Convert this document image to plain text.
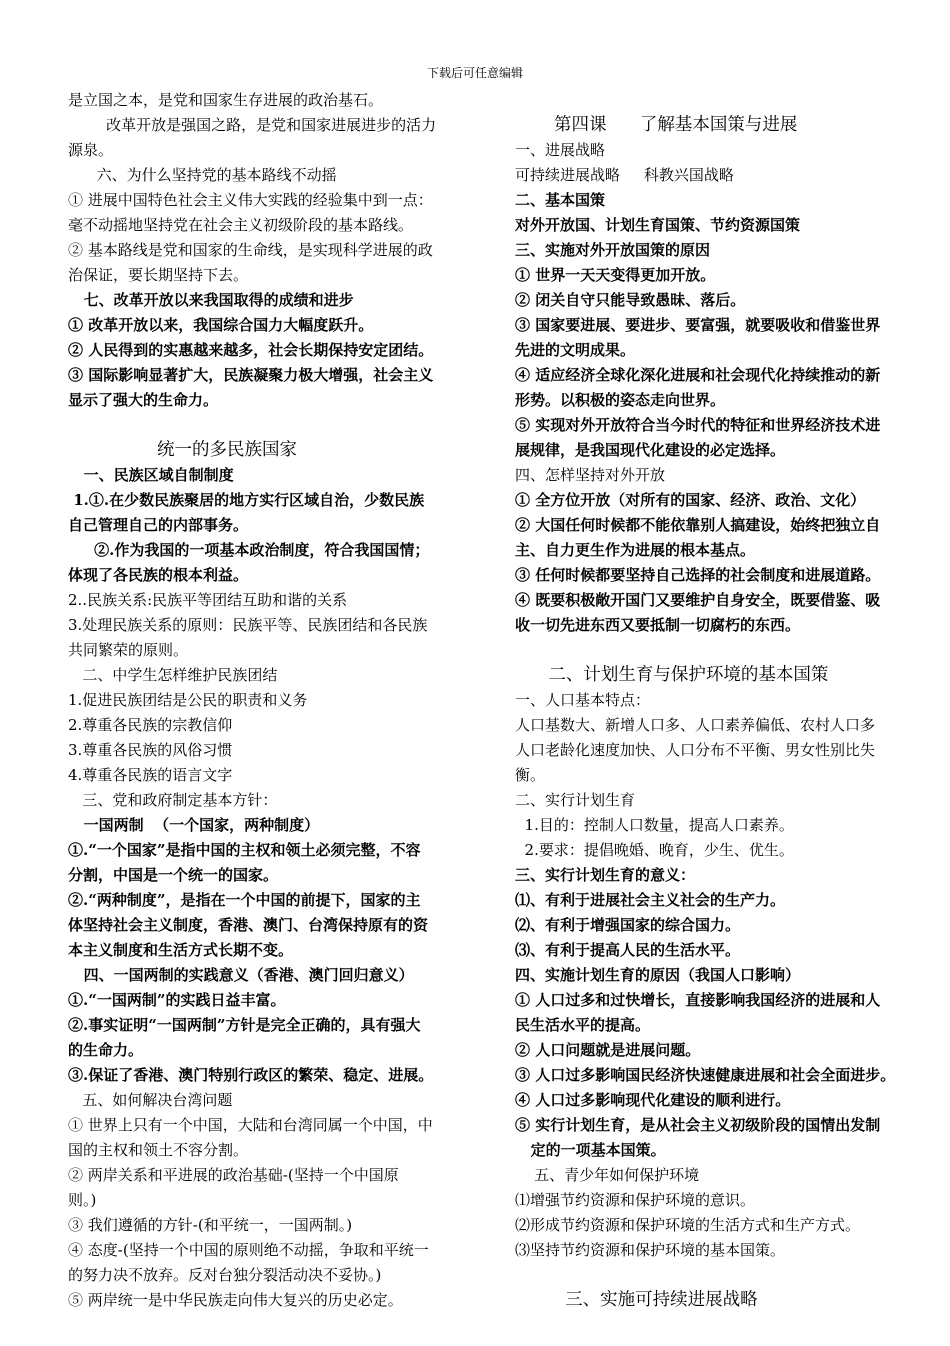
下载后可任意编辑
是立国之本，是党和国家生存进展的政治基石。
改革开放是强国之路，是党和国家进展进步的活力
源泉。
六、为什么坚持党的基本路线不动摇
① 进展中国特色社会主义伟大实践的经验集中到一点：
毫不动摇地坚持党在社会主义初级阶段的基本路线。
② 基本路线是党和国家的生命线，是实现科学进展的政
治保证，要长期坚持下去。
七、改革开放以来我国取得的成绩和进步
① 改革开放以来，我国综合国力大幅度跃升。
② 人民得到的实惠越来越多，社会长期保持安定团结。
③ 国际影响显著扩大，民族凝聚力极大增强，社会主义
显示了强大的生命力。
统一的多民族国家
一、民族区域自制制度
1.①.在少数民族聚居的地方实行区域自治，少数民族
自己管理自己的内部事务。
②.作为我国的一项基本政治制度，符合我国国情；
体现了各民族的根本利益。
2..民族关系:民族平等团结互助和谐的关系
3.处理民族关系的原则：民族平等、民族团结和各民族
共同繁荣的原则。
二、中学生怎样维护民族团结
1.促进民族团结是公民的职责和义务
2.尊重各民族的宗教信仰
3.尊重各民族的风俗习惯
4.尊重各民族的语言文字
三、党和政府制定基本方针：
一国两制  （一个国家，两种制度）
①.“一个国家”是指中国的主权和领土必须完整，不容
分割，中国是一个统一的国家。
②.“两种制度”，是指在一个中国的前提下，国家的主
体坚持社会主义制度，香港、澳门、台湾保持原有的资
本主义制度和生活方式长期不变。
四、一国两制的实践意义（香港、澳门回归意义）
①.“一国两制”的实践日益丰富。
②.事实证明“一国两制”方针是完全正确的，具有强大
的生命力。
③.保证了香港、澳门特别行政区的繁荣、稳定、进展。
五、如何解决台湾问题
① 世界上只有一个中国，大陆和台湾同属一个中国，中
国的主权和领土不容分割。
② 两岸关系和平进展的政治基础-(坚持一个中国原
则。)
③ 我们遵循的方针-(和平统一，一国两制。)
④ 态度-(坚持一个中国的原则绝不动摇，争取和平统一
的努力决不放弃。反对台独分裂活动决不妥协。)
⑤ 两岸统一是中华民族走向伟大复兴的历史必定。
第四课      了解基本国策与进展
一、进展战略
可持续进展战略     科教兴国战略
二、基本国策
对外开放国、计划生育国策、节约资源国策
三、实施对外开放国策的原因
① 世界一天天变得更加开放。
② 闭关自守只能导致愚昧、落后。
③ 国家要进展、要进步、要富强，就要吸收和借鉴世界
先进的文明成果。
④ 适应经济全球化深化进展和社会现代化持续推动的新
形势。以积极的姿态走向世界。
⑤ 实现对外开放符合当今时代的特征和世界经济技术进
展规律，是我国现代化建设的必定选择。
四、怎样坚持对外开放
① 全方位开放（对所有的国家、经济、政治、文化）
② 大国任何时候都不能依靠别人搞建设，始终把独立自
主、自力更生作为进展的根本基点。
③ 任何时候都要坚持自己选择的社会制度和进展道路。
④ 既要积极敞开国门又要维护自身安全，既要借鉴、吸
收一切先进东西又要抵制一切腐朽的东西。
二、计划生育与保护环境的基本国策
一、人口基本特点：
人口基数大、新增人口多、人口素养偏低、农村人口多
人口老龄化速度加快、人口分布不平衡、男女性别比失
衡。
二、实行计划生育
1.目的：控制人口数量，提高人口素养。
2.要求：提倡晚婚、晚育，少生、优生。
三、实行计划生育的意义：
⑴、有利于进展社会主义社会的生产力。
⑵、有利于增强国家的综合国力。
⑶、有利于提高人民的生活水平。
四、实施计划生育的原因（我国人口影响）
① 人口过多和过快增长，直接影响我国经济的进展和人
民生活水平的提高。
② 人口问题就是进展问题。
③ 人口过多影响国民经济快速健康进展和社会全面进步。
④ 人口过多影响现代化建设的顺利进行。
⑤ 实行计划生育，是从社会主义初级阶段的国情出发制
定的一项基本国策。
五、青少年如何保护环境
⑴增强节约资源和保护环境的意识。
⑵形成节约资源和保护环境的生活方式和生产方式。
⑶坚持节约资源和保护环境的基本国策。
三、实施可持续进展战略
